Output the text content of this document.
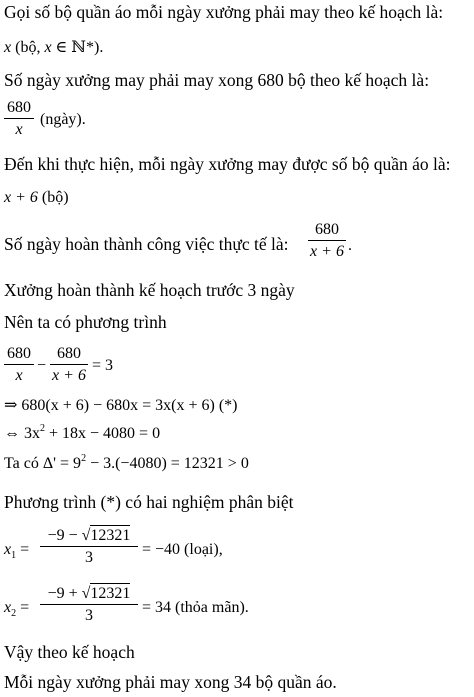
Gọi số bộ quần áo mỗi ngày xưởng phải may theo kế hoạch là:
x (bộ, x ∈ ℕ*).
Số ngày xưởng may phải may xong 680 bộ theo kế hoạch là:
680
x
(ngày).
Đến khi thực hiện, mỗi ngày xưởng may được số bộ quần áo là:
x + 6 (bộ)
Số ngày hoàn thành công việc thực tế là:
680
x + 6 .
Xưởng hoàn thành kế hoạch trước 3 ngày
Nên ta có phương trình
680
x
−
680
x + 6
= 3
⇒ 680(x + 6) − 680x = 3x(x + 6) (*)
⇔ $3x^2 + 18x - 4080 = 0$
Ta có $\Delta' = 9^2 - 3.(-4080) = 12321 > 0$
Phương trình (*) có hai nghiệm phân biệt
$x_1$ =
−9 − √12321
3	= −40 (loại),
$x_2$ =
−9 + √12321
3	= 34 (thỏa mãn).
Vậy theo kế hoạch
Mỗi ngày xưởng phải may xong 34 bộ quần áo.
